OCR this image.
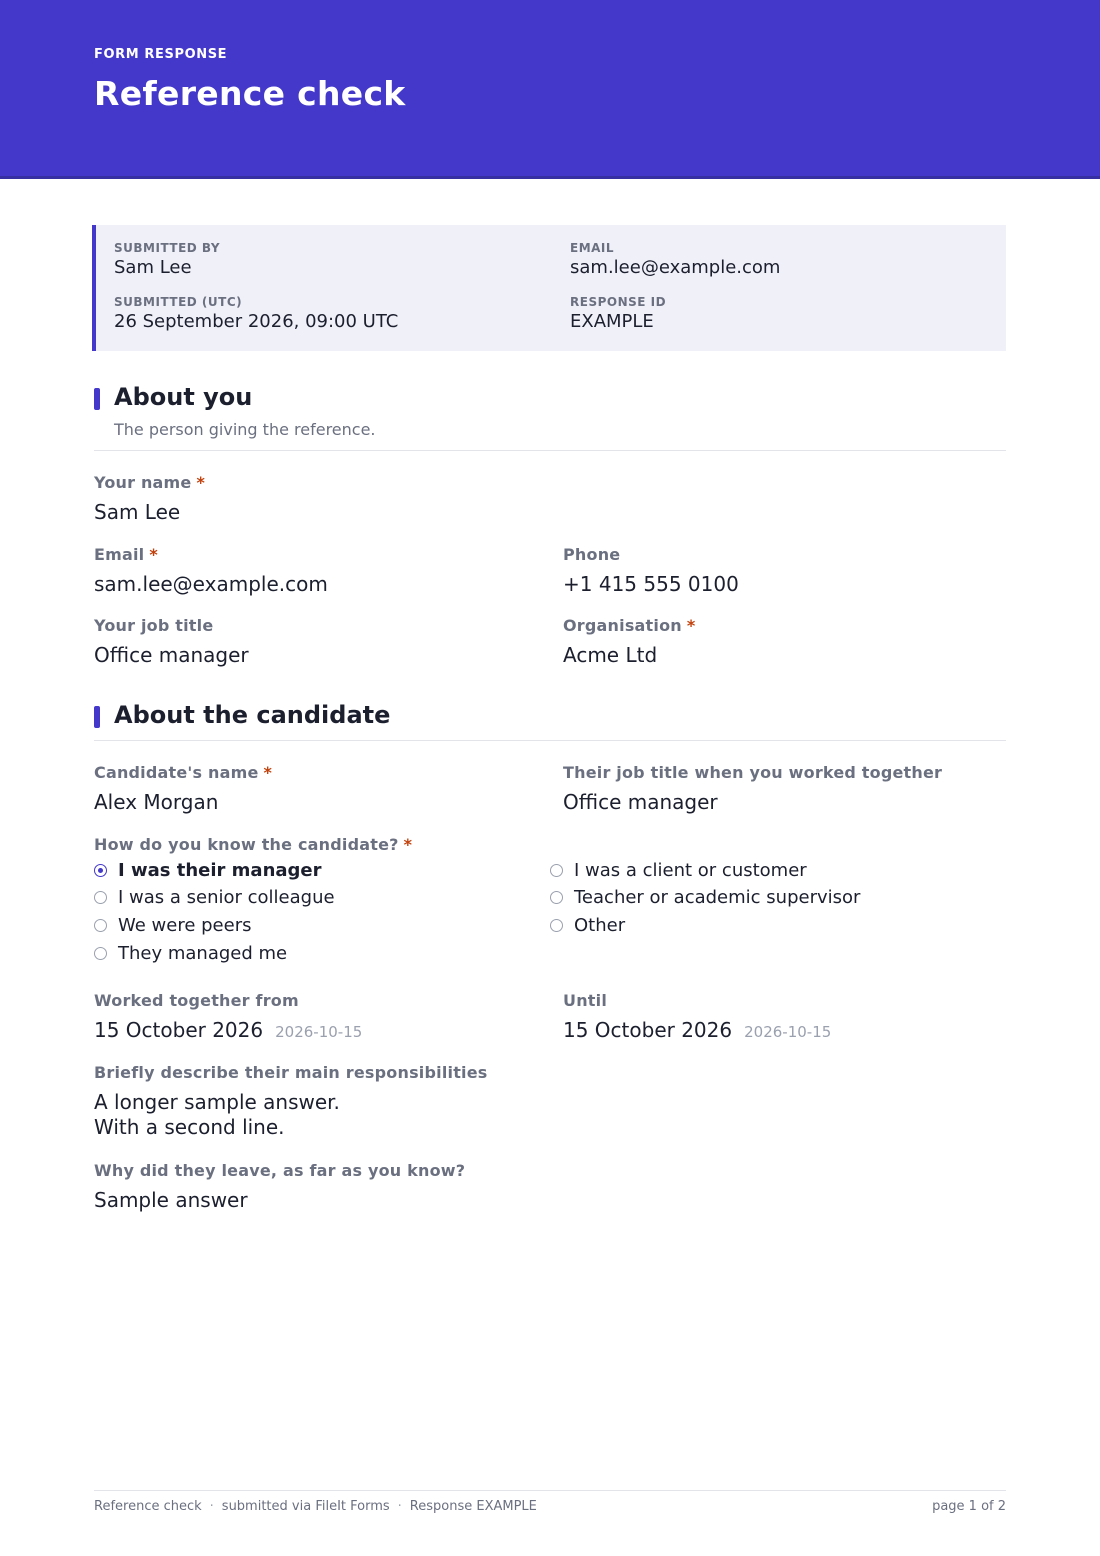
FORM RESPONSE
Reference check
SUBMITTED BY
Sam Lee
EMAIL
sam.lee@example.com
SUBMITTED (UTC)
26 September 2026, 09:00 UTC
RESPONSE ID
EXAMPLE
About you
The person giving the reference.
Your name *
Sam Lee
Email *
sam.lee@example.com
Phone
+1 415 555 0100
Your job title
Office manager
Organisation *
Acme Ltd
About the candidate
Candidate's name *
Alex Morgan
Their job title when you worked together
Office manager
How do you know the candidate? *
I was their manager
I was a senior colleague
We were peers
They managed me
I was a client or customer
Teacher or academic supervisor
Other
Worked together from
15 October 2026 2026-10-15
Until
15 October 2026 2026-10-15
Briefly describe their main responsibilities
A longer sample answer.
With a second line.
Why did they leave, as far as you know?
Sample answer
Reference check · submitted via FileIt Forms · Response EXAMPLE	page 1 of 2
